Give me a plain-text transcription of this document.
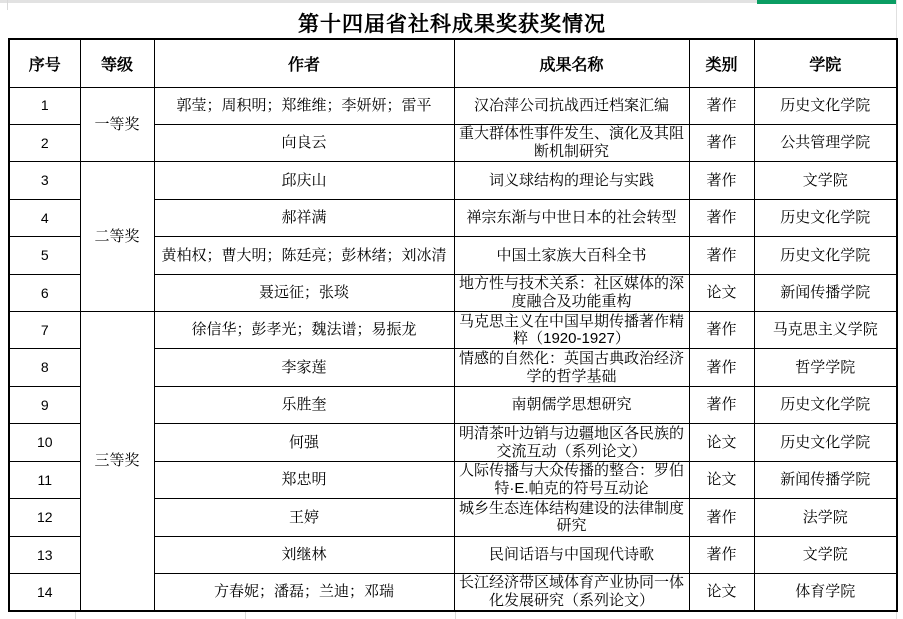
第十四届省社科成果奖获奖情况
序号	等级	作者	成果名称	类别	学院
1	一等奖	郭莹；周积明；郑维维；李妍妍；雷平	汉冶萍公司抗战西迁档案汇编	著作	历史文化学院
2		向良云	重大群体性事件发生、演化及其阻断机制研究	著作	公共管理学院
3	二等奖	邱庆山	词义球结构的理论与实践	著作	文学院
4		郝祥满	禅宗东渐与中世日本的社会转型	著作	历史文化学院
5		黄柏权；曹大明；陈廷亮；彭林绪；刘冰清	中国土家族大百科全书	著作	历史文化学院
6		聂远征；张琰	地方性与技术关系：社区媒体的深度融合及功能重构	论文	新闻传播学院
7	三等奖	徐信华；彭孝光；魏法谱；易振龙	马克思主义在中国早期传播著作精粹（1920-1927）	著作	马克思主义学院
8		李家莲	情感的自然化：英国古典政治经济学的哲学基础	著作	哲学学院
9		乐胜奎	南朝儒学思想研究	著作	历史文化学院
10		何强	明清茶叶边销与边疆地区各民族的交流互动（系列论文）	论文	历史文化学院
11		郑忠明	人际传播与大众传播的整合：罗伯特·E.帕克的符号互动论	论文	新闻传播学院
12		王婷	城乡生态连体结构建设的法律制度研究	著作	法学院
13		刘继林	民间话语与中国现代诗歌	著作	文学院
14		方春妮；潘磊；兰迪；邓瑞	长江经济带区域体育产业协同一体化发展研究（系列论文）	论文	体育学院
